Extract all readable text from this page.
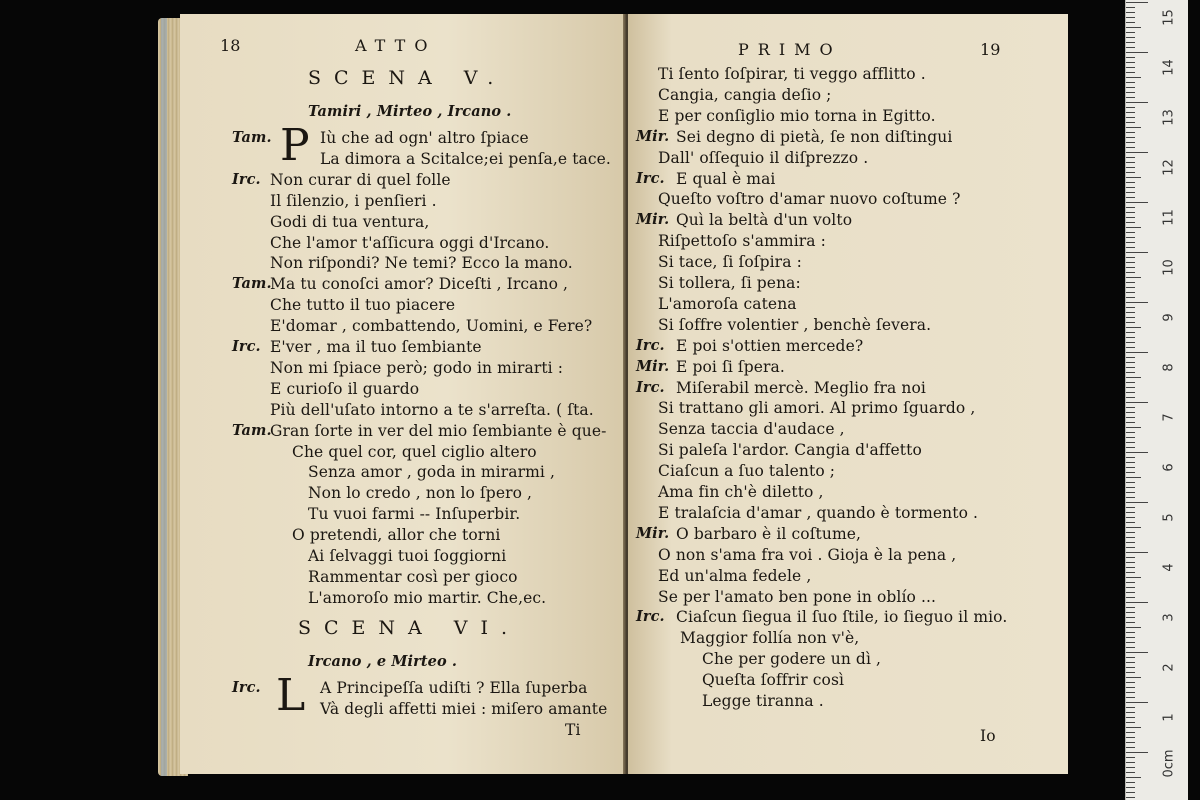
18	ATTO
SCENA V.
Tamiri , Mirteo , Ircano .
Tam. P Iù che ad ogn' altro ſpiace
La dimora a Scitalce;ei penſa,e tace.
Irc. Non curar di quel folle
Il ſilenzio, i penſieri .
Godi di tua ventura,
Che l'amor t'aſſicura oggi d'Ircano.
Non riſpondi? Ne temi? Ecco la mano.
Tam.
Ma tu conoſci amor? Diceſti , Ircano ,
Che tutto il tuo piacere
E'domar , combattendo, Uomini, e Fere?
Irc. E'ver , ma il tuo ſembiante
Non mi ſpiace però; godo in mirarti :
E curioſo il guardo
Più dell'uſato intorno a te s'arreſta. ( ſta.
Tam.
Gran ſorte in ver del mio ſembiante è que-
Che quel cor, quel ciglio altero
Senza amor , goda in mirarmi ,
Non lo credo , non lo ſpero ,
Tu vuoi farmi -- Inſuperbir.
O pretendi, allor che torni
Ai ſelvaggi tuoi ſoggiorni
Rammentar così per gioco
L'amoroſo mio martir. Che,ec.
SCENA VI.
Ircano , e Mirteo .
Irc. L A Principeſſa udiſti ? Ella ſuperba
Và degli affetti miei : miſero amante
Ti
PRIMO	19
Ti ſento ſoſpirar, ti veggo afflitto .
Cangia, cangia deſio ;
E per conſiglio mio torna in Egitto.
Mir. Sei degno di pietà, ſe non diſtingui
Dall' oſſequio il diſprezzo .
Irc. E qual è mai
Queſto voſtro d'amar nuovo coſtume ?
Mir. Quì la beltà d'un volto
Riſpettoſo s'ammira :
Si tace, ſi ſoſpira :
Si tollera, ſi pena:
L'amoroſa catena
Si ſoffre volentier , benchè ſevera.
Irc. E poi s'ottien mercede?
Mir. E poi ſi ſpera.
Irc. Miſerabil mercè. Meglio fra noi
Si trattano gli amori. Al primo ſguardo ,
Senza taccia d'audace ,
Si paleſa l'ardor. Cangia d'affetto
Ciaſcun a ſuo talento ;
Ama fin ch'è diletto ,
E tralaſcia d'amar , quando è tormento .
Mir. O barbaro è il coſtume,
O non s'ama fra voi . Gioja è la pena ,
Ed un'alma fedele ,
Se per l'amato ben pone in oblío ...
Irc. Ciaſcun ſiegua il ſuo ſtile, io ſieguo il mio.
Maggior follía non v'è,
Che per godere un dì ,
Queſta ſoffrir così
Legge tiranna .
Io
15
14
13
12
11
10
9
8
7
6
5
4
3
2
1
0cm
